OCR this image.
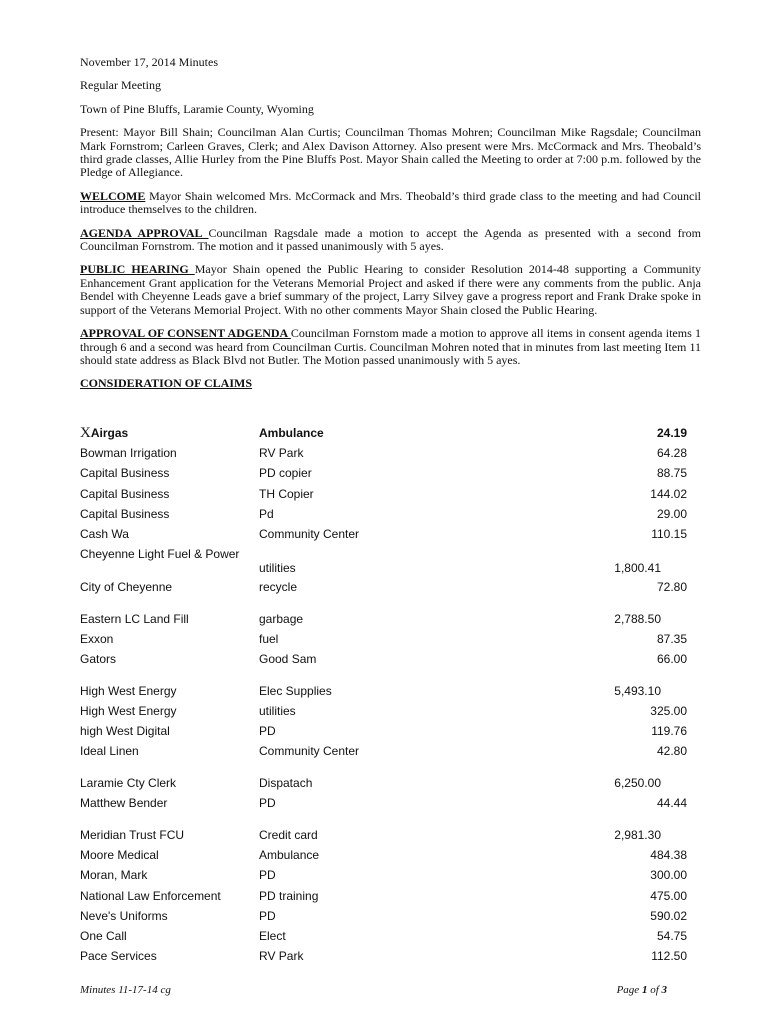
November 17, 2014 Minutes

Regular Meeting

Town of Pine Bluffs, Laramie County, Wyoming

Present: Mayor Bill Shain; Councilman Alan Curtis; Councilman Thomas Mohren; Councilman Mike Ragsdale; Councilman Mark Fornstrom; Carleen Graves, Clerk; and Alex Davison Attorney. Also present were Mrs. McCormack and Mrs. Theobald’s third grade classes, Allie Hurley from the Pine Bluffs Post. Mayor Shain called the Meeting to order at 7:00 p.m. followed by the Pledge of Allegiance.

WELCOME Mayor Shain welcomed Mrs. McCormack and Mrs. Theobald’s third grade class to the meeting and had Council introduce themselves to the children.

AGENDA APPROVAL Councilman Ragsdale made a motion to accept the Agenda as presented with a second from Councilman Fornstrom. The motion and it passed unanimously with 5 ayes.

PUBLIC HEARING Mayor Shain opened the Public Hearing to consider Resolution 2014-48 supporting a Community Enhancement Grant application for the Veterans Memorial Project and asked if there were any comments from the public. Anja Bendel with Cheyenne Leads gave a brief summary of the project, Larry Silvey gave a progress report and Frank Drake spoke in support of the Veterans Memorial Project. With no other comments Mayor Shain closed the Public Hearing.

APPROVAL OF CONSENT ADGENDA Councilman Fornstom made a motion to approve all items in consent agenda items 1 through 6 and a second was heard from Councilman Curtis. Councilman Mohren noted that in minutes from last meeting Item 11 should state address as Black Blvd not Butler. The Motion passed unanimously with 5 ayes.

CONSIDERATION OF CLAIMS

XAirgas	Ambulance	24.19
Bowman Irrigation	RV Park	64.28
Capital Business	PD copier	88.75
Capital Business	TH Copier	144.02
Capital Business	Pd	29.00
Cash Wa	Community Center	110.15
Cheyenne Light Fuel & Power
utilities	1,800.41
City of Cheyenne	recycle	72.80
Eastern LC Land Fill	garbage	2,788.50
Exxon	fuel	87.35
Gators	Good Sam	66.00
High West Energy	Elec Supplies	5,493.10
High West Energy	utilities	325.00
high West Digital	PD	119.76
Ideal Linen	Community Center	42.80
Laramie Cty Clerk	Dispatach	6,250.00
Matthew Bender	PD	44.44
Meridian Trust FCU	Credit card	2,981.30
Moore Medical	Ambulance	484.38
Moran, Mark	PD	300.00
National Law Enforcement	PD training	475.00
Neve's Uniforms	PD	590.02
One Call	Elect	54.75
Pace Services	RV Park	112.50
Minutes 11-17-14 cg	Page 1 of 3
